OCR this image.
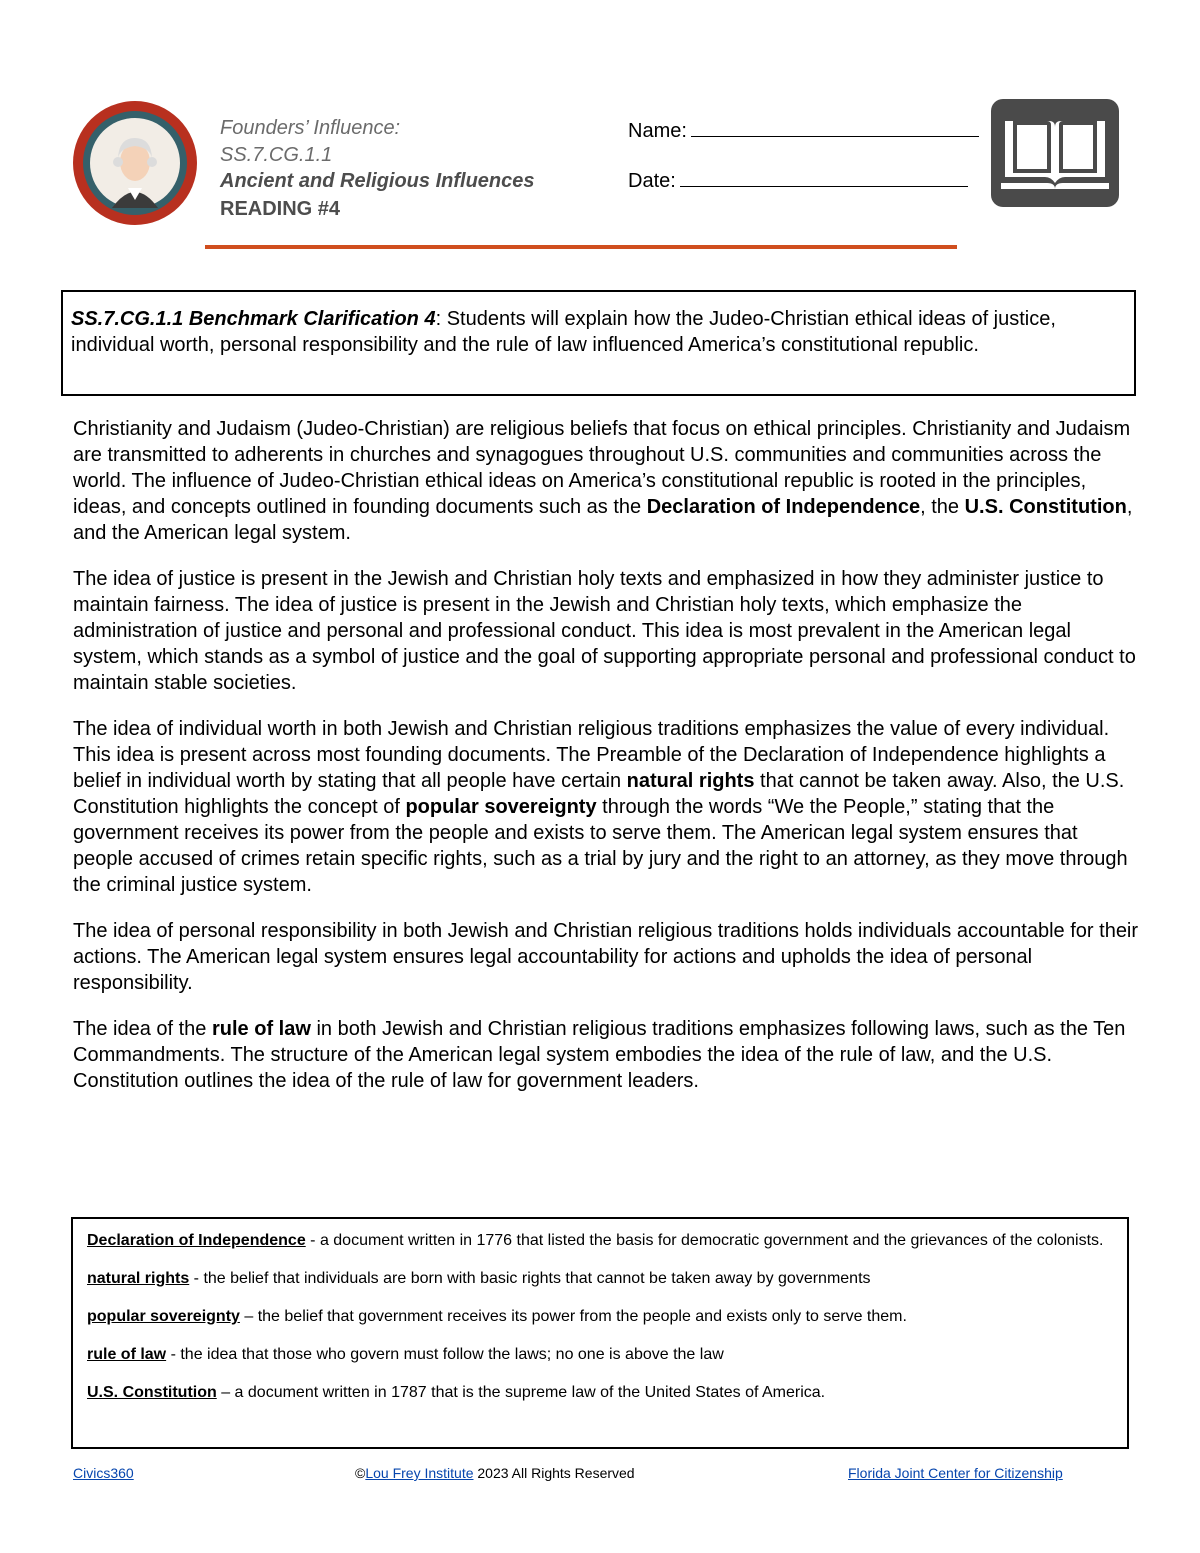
Founders’ Influence:
SS.7.CG.1.1
Ancient and Religious Influences
READING #4
Name:
Date:
SS.7.CG.1.1 Benchmark Clarification 4: Students will explain how the Judeo-Christian ethical ideas of justice, individual worth, personal responsibility and the rule of law influenced America’s constitutional republic.

Christianity and Judaism (Judeo-Christian) are religious beliefs that focus on ethical principles. Christianity and Judaism are transmitted to adherents in churches and synagogues throughout U.S. communities and communities across the world. The influence of Judeo-Christian ethical ideas on America’s constitutional republic is rooted in the principles, ideas, and concepts outlined in founding documents such as the Declaration of Independence, the U.S. Constitution, and the American legal system.

The idea of justice is present in the Jewish and Christian holy texts and emphasized in how they administer justice to maintain fairness. The idea of justice is present in the Jewish and Christian holy texts, which emphasize the administration of justice and personal and professional conduct. This idea is most prevalent in the American legal system, which stands as a symbol of justice and the goal of supporting appropriate personal and professional conduct to maintain stable societies.

The idea of individual worth in both Jewish and Christian religious traditions emphasizes the value of every individual. This idea is present across most founding documents. The Preamble of the Declaration of Independence highlights a belief in individual worth by stating that all people have certain natural rights that cannot be taken away. Also, the U.S. Constitution highlights the concept of popular sovereignty through the words “We the People,” stating that the government receives its power from the people and exists to serve them. The American legal system ensures that people accused of crimes retain specific rights, such as a trial by jury and the right to an attorney, as they move through the criminal justice system.

The idea of personal responsibility in both Jewish and Christian religious traditions holds individuals accountable for their actions. The American legal system ensures legal accountability for actions and upholds the idea of personal responsibility.

The idea of the rule of law in both Jewish and Christian religious traditions emphasizes following laws, such as the Ten Commandments. The structure of the American legal system embodies the idea of the rule of law, and the U.S. Constitution outlines the idea of the rule of law for government leaders.

Declaration of Independence - a document written in 1776 that listed the basis for democratic government and the grievances of the colonists.
natural rights - the belief that individuals are born with basic rights that cannot be taken away by governments
popular sovereignty – the belief that government receives its power from the people and exists only to serve them.
rule of law - the idea that those who govern must follow the laws; no one is above the law
U.S. Constitution – a document written in 1787 that is the supreme law of the United States of America.
Civics360	©Lou Frey Institute 2023 All Rights Reserved	Florida Joint Center for Citizenship
